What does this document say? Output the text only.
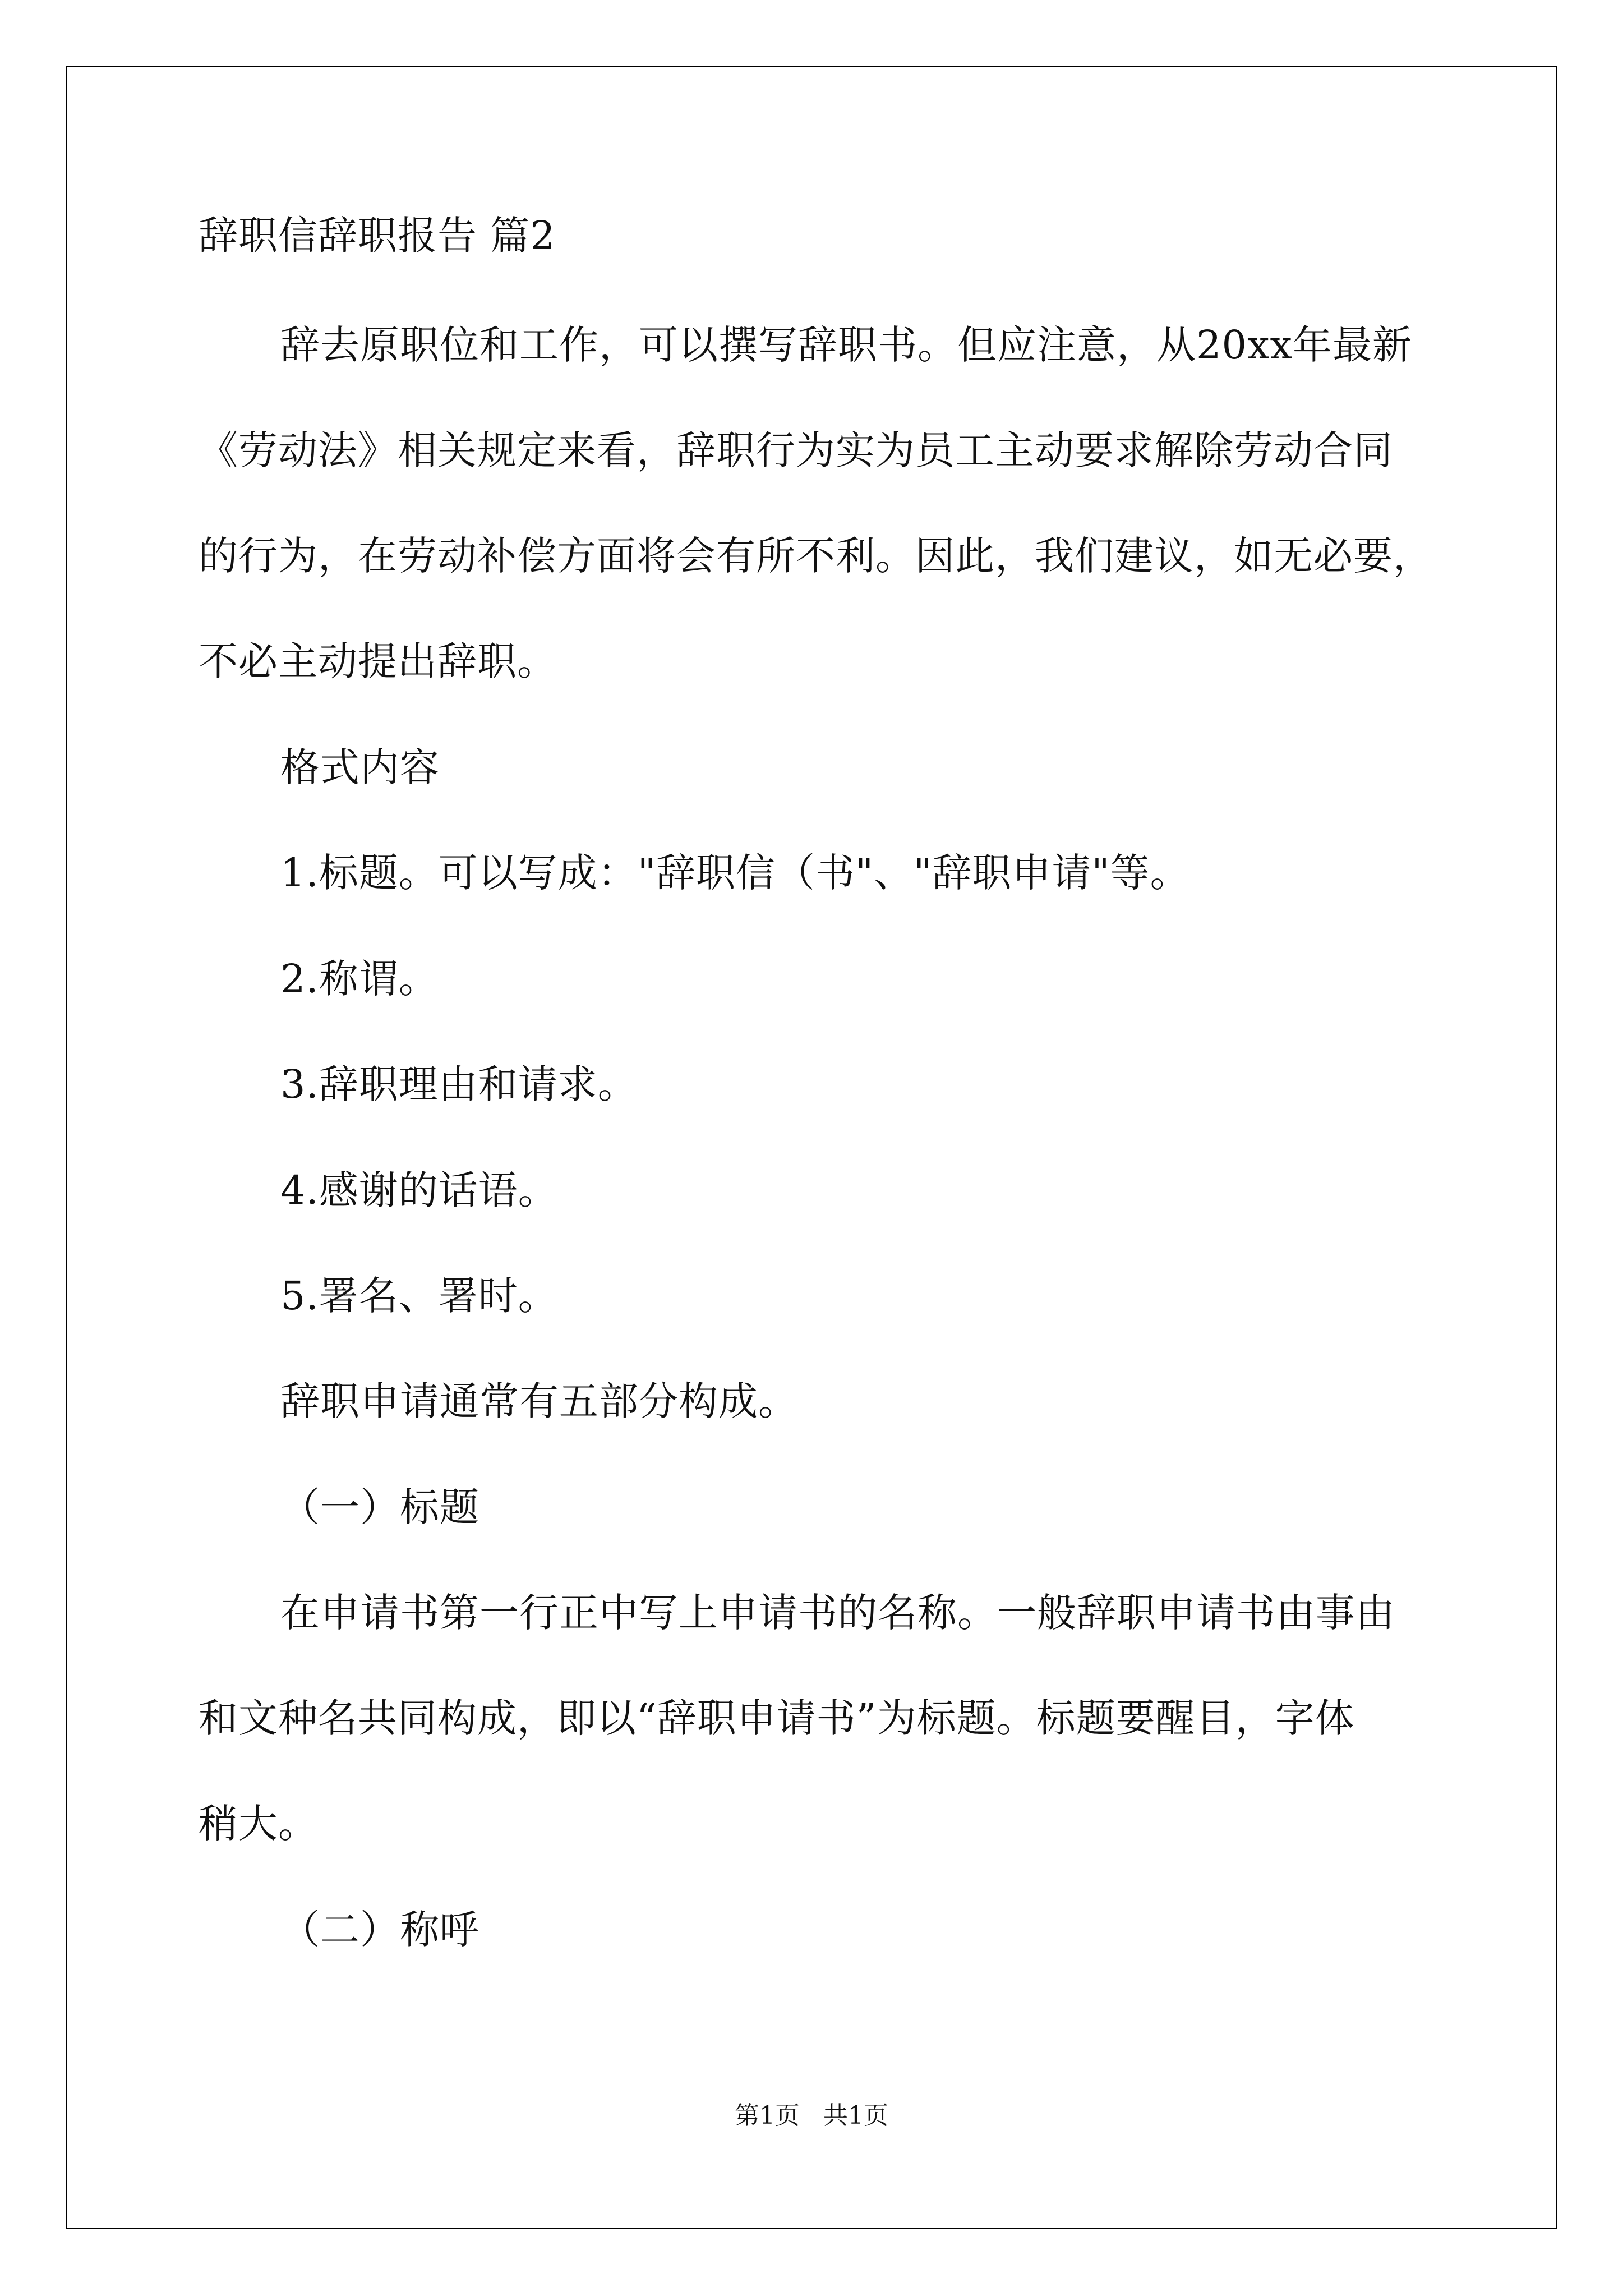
辞职信辞职报告 篇2
辞去原职位和工作，可以撰写辞职书。但应注意，从20xx年最新
《劳动法》相关规定来看，辞职行为实为员工主动要求解除劳动合同
的行为，在劳动补偿方面将会有所不利。因此，我们建议，如无必要，
不必主动提出辞职。
格式内容
1.标题。可以写成："辞职信（书"、"辞职申请"等。
2.称谓。
3.辞职理由和请求。
4.感谢的话语。
5.署名、署时。
辞职申请通常有五部分构成。
（一）标题
在申请书第一行正中写上申请书的名称。一般辞职申请书由事由
和文种名共同构成，即以“辞职申请书”为标题。标题要醒目，字体
稍大。
（二）称呼
第1页   共1页
